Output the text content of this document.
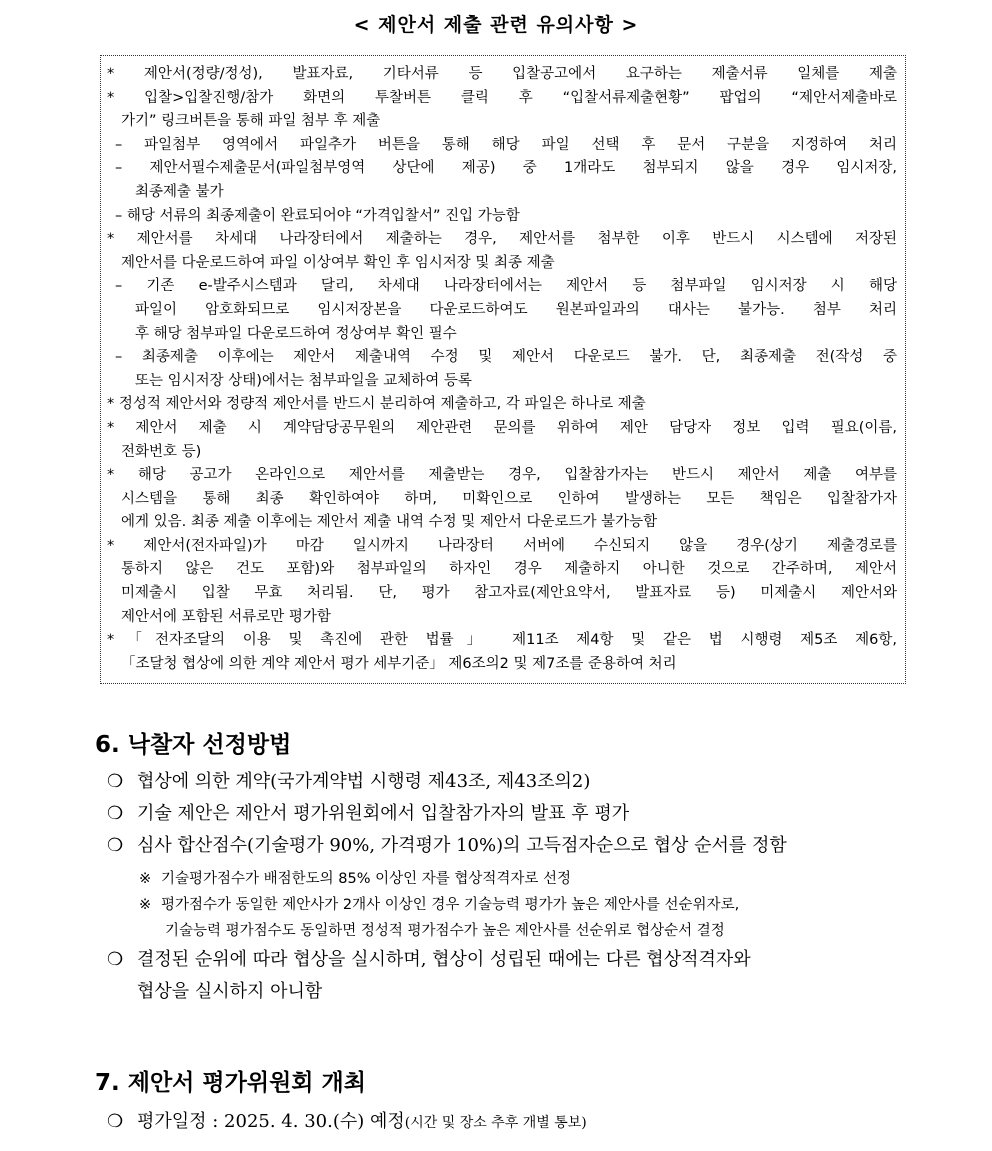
< 제안서 제출 관련 유의사항 >
* 제안서(정량/정성), 발표자료, 기타서류 등 입찰공고에서 요구하는 제출서류 일체를 제출
* 입찰>입찰진행/참가 화면의 투찰버튼 클릭 후 “입찰서류제출현황” 팝업의 “제안서제출바로
가기” 링크버튼을 통해 파일 첨부 후 제출
– 파일첨부 영역에서 파일추가 버튼을 통해 해당 파일 선택 후 문서 구분을 지정하여 처리
– 제안서필수제출문서(파일첨부영역 상단에 제공) 중 1개라도 첨부되지 않을 경우 임시저장,
최종제출 불가
– 해당 서류의 최종제출이 완료되어야 “가격입찰서” 진입 가능함
* 제안서를 차세대 나라장터에서 제출하는 경우, 제안서를 첨부한 이후 반드시 시스템에 저장된
제안서를 다운로드하여 파일 이상여부 확인 후 임시저장 및 최종 제출
– 기존 e-발주시스템과 달리, 차세대 나라장터에서는 제안서 등 첨부파일 임시저장 시 해당
파일이 암호화되므로 임시저장본을 다운로드하여도 원본파일과의 대사는 불가능. 첨부 처리
후 해당 첨부파일 다운로드하여 정상여부 확인 필수
– 최종제출 이후에는 제안서 제출내역 수정 및 제안서 다운로드 불가. 단, 최종제출 전(작성 중
또는 임시저장 상태)에서는 첨부파일을 교체하여 등록
* 정성적 제안서와 정량적 제안서를 반드시 분리하여 제출하고, 각 파일은 하나로 제출
* 제안서 제출 시 계약담당공무원의 제안관련 문의를 위하여 제안 담당자 정보 입력 필요(이름,
전화번호 등)
* 해당 공고가 온라인으로 제안서를 제출받는 경우, 입찰참가자는 반드시 제안서 제출 여부를
시스템을 통해 최종 확인하여야 하며, 미확인으로 인하여 발생하는 모든 책임은 입찰참가자
에게 있음. 최종 제출 이후에는 제안서 제출 내역 수정 및 제안서 다운로드가 불가능함
* 제안서(전자파일)가 마감 일시까지 나라장터 서버에 수신되지 않을 경우(상기 제출경로를
통하지 않은 건도 포함)와 첨부파일의 하자인 경우 제출하지 아니한 것으로 간주하며, 제안서
미제출시 입찰 무효 처리됨. 단, 평가 참고자료(제안요약서, 발표자료 등) 미제출시 제안서와
제안서에 포함된 서류로만 평가함
*「전자조달의 이용 및 촉진에 관한 법률」 제11조 제4항 및 같은 법 시행령 제5조 제6항,
「조달청 협상에 의한 계약 제안서 평가 세부기준」 제6조의2 및 제7조를 준용하여 처리
6. 낙찰자 선정방법
❍ 협상에 의한 계약(국가계약법 시행령 제43조, 제43조의2)
❍ 기술 제안은 제안서 평가위원회에서 입찰참가자의 발표 후 평가
❍ 심사 합산점수(기술평가 90%, 가격평가 10%)의 고득점자순으로 협상 순서를 정함
※ 기술평가점수가 배점한도의 85% 이상인 자를 협상적격자로 선정
※ 평가점수가 동일한 제안사가 2개사 이상인 경우 기술능력 평가가 높은 제안사를 선순위자로,
기술능력 평가점수도 동일하면 정성적 평가점수가 높은 제안사를 선순위로 협상순서 결정
❍ 결정된 순위에 따라 협상을 실시하며, 협상이 성립된 때에는 다른 협상적격자와
협상을 실시하지 아니함
7. 제안서 평가위원회 개최
❍ 평가일정 : 2025. 4. 30.(수) 예정(시간 및 장소 추후 개별 통보)
